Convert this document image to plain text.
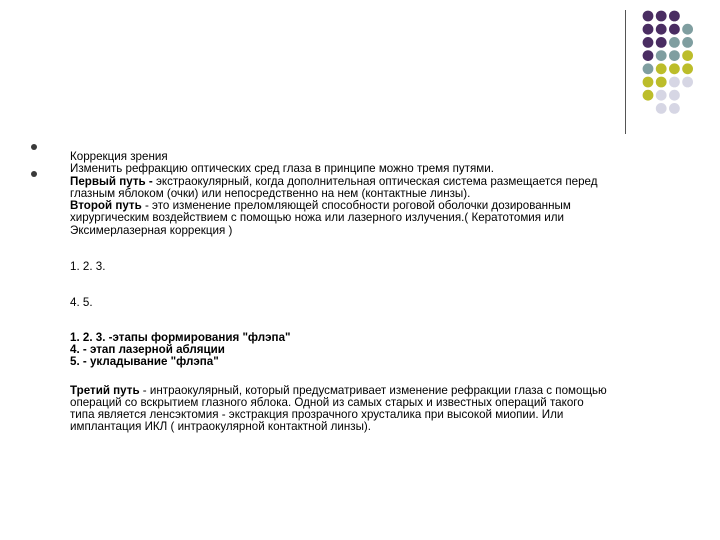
Коррекция зрения
Изменить рефракцию оптических сред глаза в принципе можно тремя путями.
Первый путь - экстраокулярный, когда дополнительная оптическая система размещается перед
глазным яблоком (очки) или непосредственно на нем (контактные линзы).
Второй путь - это изменение преломляющей способности роговой оболочки дозированным
хирургическим воздействием с помощью ножа или лазерного излучения.( Кератотомия или
Эксимерлазерная коррекция )
1. 2. 3.
4. 5.
1. 2. 3. -этапы формирования "флэпа"
4. - этап лазерной абляции
5. - укладывание "флэпа"
Третий путь - интраокулярный, который предусматривает изменение рефракции глаза с помощью
операций со вскрытием глазного яблока. Одной из самых старых и известных операций такого
типа является ленсэктомия - экстракция прозрачного хрусталика при высокой миопии. Или
имплантация ИКЛ ( интраокулярной контактной линзы).
